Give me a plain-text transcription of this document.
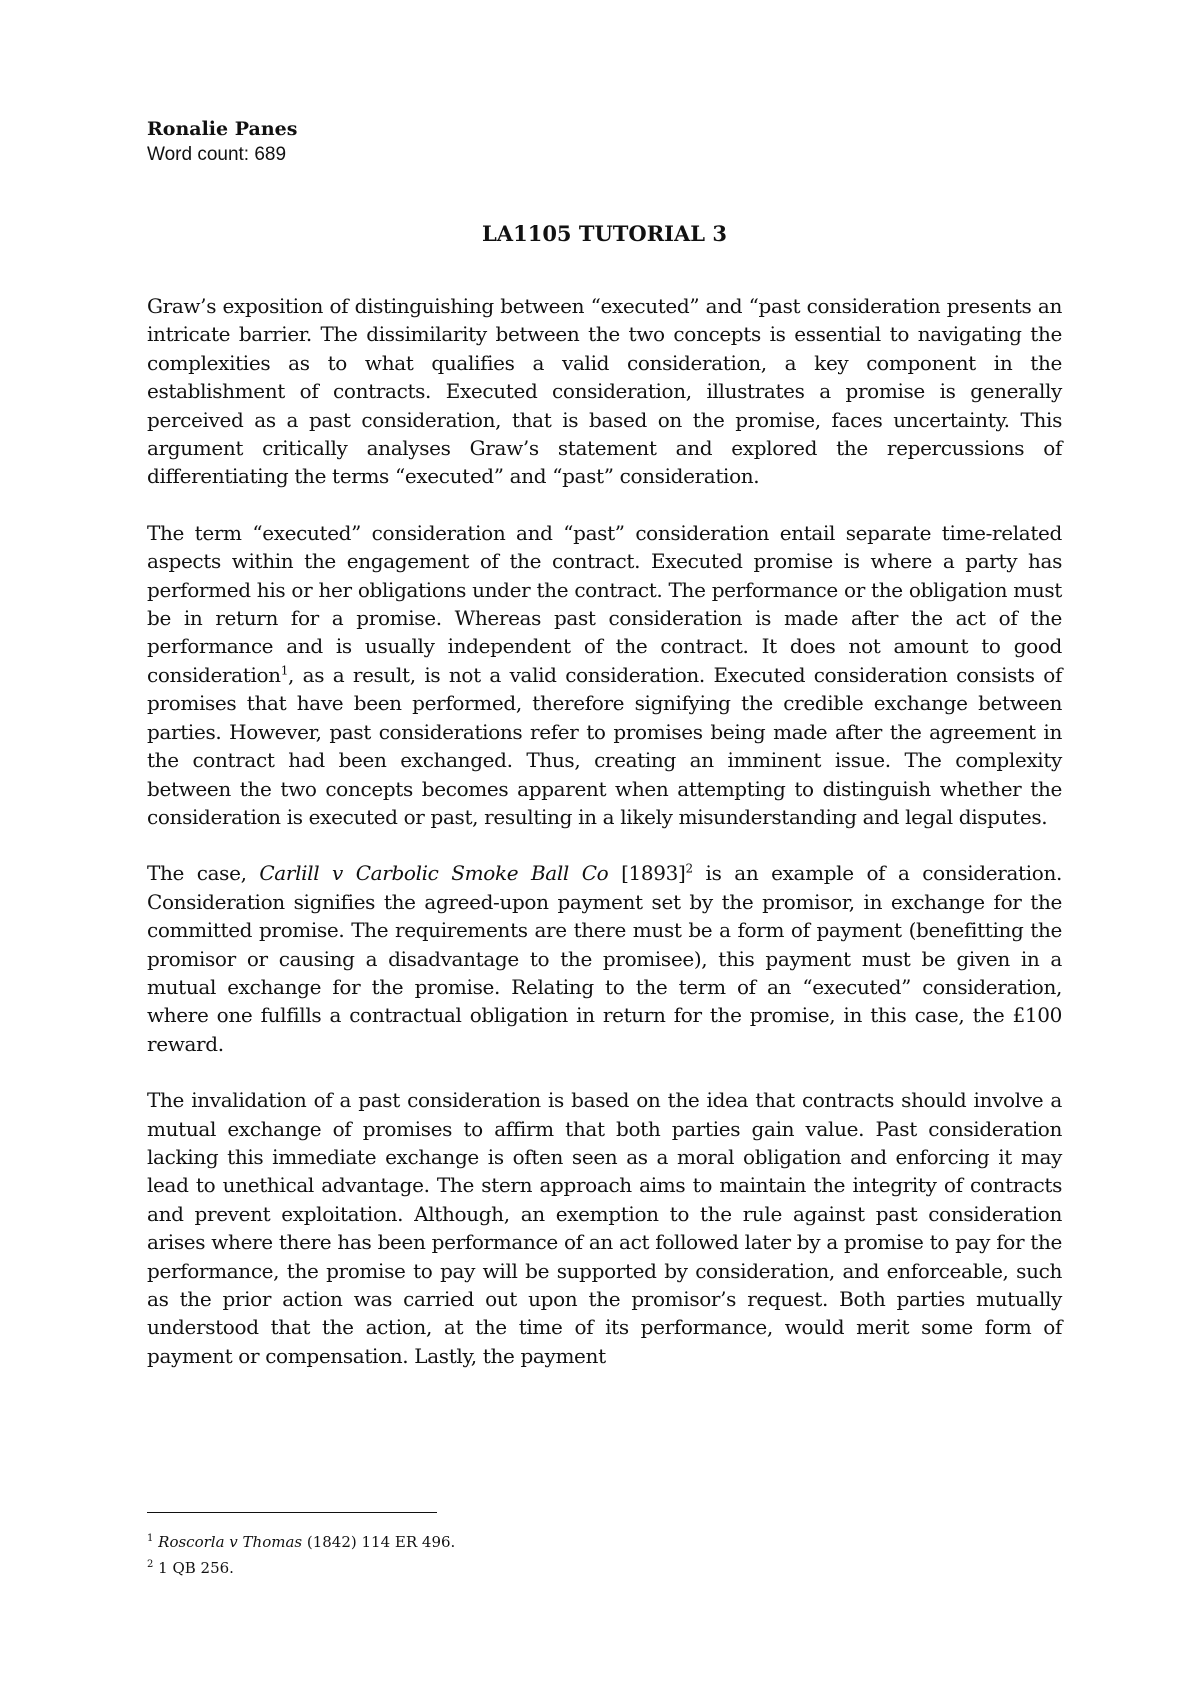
Ronalie Panes
Word count: 689
LA1105 TUTORIAL 3

Graw’s exposition of distinguishing between “executed” and “past consideration presents an intricate barrier. The dissimilarity between the two concepts is essential to navigating the complexities as to what qualifies a valid consideration, a key component in the establishment of contracts. Executed consideration, illustrates a promise is generally perceived as a past consideration, that is based on the promise, faces uncertainty. This argument critically analyses Graw’s statement and explored the repercussions of differentiating the terms “executed” and “past” consideration.

The term “executed” consideration and “past” consideration entail separate time-related aspects within the engagement of the contract. Executed promise is where a party has performed his or her obligations under the contract. The performance or the obligation must be in return for a promise. Whereas past consideration is made after the act of the performance and is usually independent of the contract. It does not amount to good consideration$^1$, as a result, is not a valid consideration. Executed consideration consists of promises that have been performed, therefore signifying the credible exchange between parties. However, past considerations refer to promises being made after the agreement in the contract had been exchanged. Thus, creating an imminent issue. The complexity between the two concepts becomes apparent when attempting to distinguish whether the consideration is executed or past, resulting in a likely misunderstanding and legal disputes.

The case, Carlill v Carbolic Smoke Ball Co $[1893]^2$ is an example of a consideration. Consideration signifies the agreed-upon payment set by the promisor, in exchange for the committed promise. The requirements are there must be a form of payment (benefitting the promisor or causing a disadvantage to the promisee), this payment must be given in a mutual exchange for the promise. Relating to the term of an “executed” consideration, where one fulfills a contractual obligation in return for the promise, in this case, the £100 reward.

The invalidation of a past consideration is based on the idea that contracts should involve a mutual exchange of promises to affirm that both parties gain value. Past consideration lacking this immediate exchange is often seen as a moral obligation and enforcing it may lead to unethical advantage. The stern approach aims to maintain the integrity of contracts and prevent exploitation. Although, an exemption to the rule against past consideration arises where there has been performance of an act followed later by a promise to pay for the performance, the promise to pay will be supported by consideration, and enforceable, such as the prior action was carried out upon the promisor’s request. Both parties mutually understood that the action, at the time of its performance, would merit some form of payment or compensation. Lastly, the payment

$^1$ Roscorla v Thomas (1842) 114 ER 496.
$^2$ 1 QB 256.
